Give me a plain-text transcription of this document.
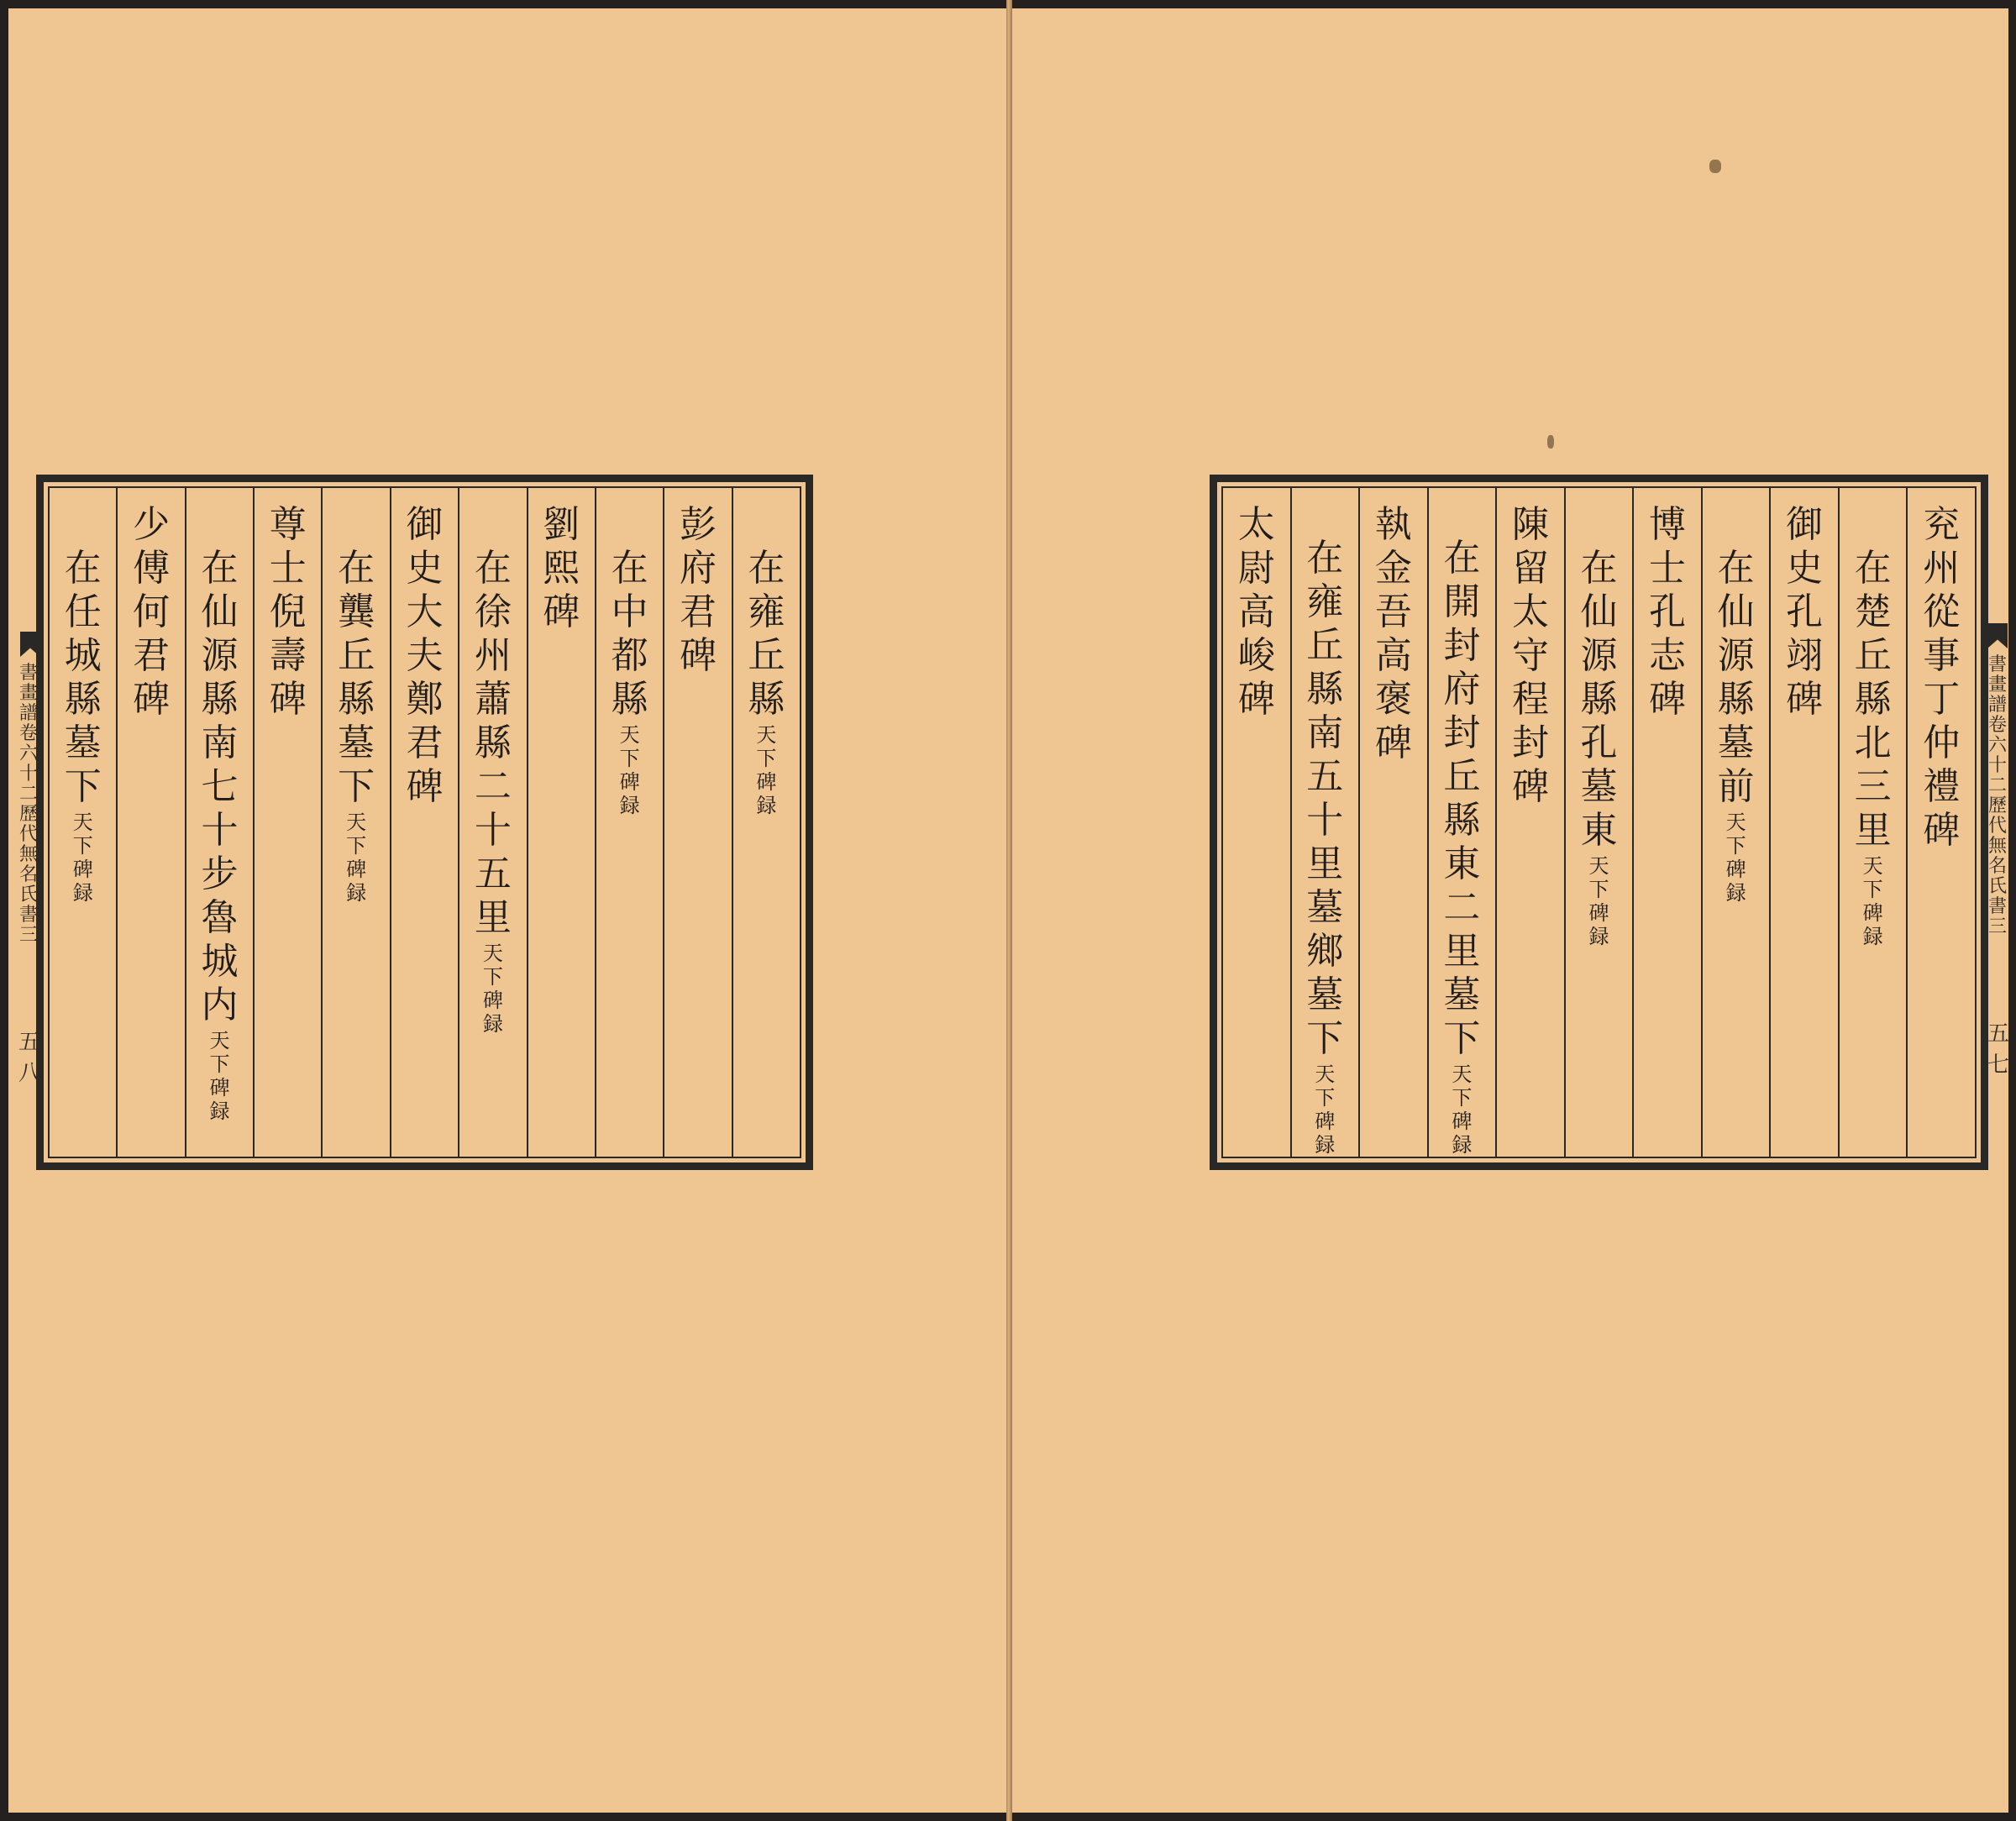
書
畫
譜
卷
六
十
二
歷
代
無
名
氏
書
三
五
八
在
雍
丘
縣
天
下
碑
録
彭
府
君
碑
在
中
都
縣
天
下
碑
録
劉
熙
碑
在
徐
州
蕭
縣
二
十
五
里
天
下
碑
録
御
史
大
夫
鄭
君
碑
在
龔
丘
縣
墓
下
天
下
碑
録
尊
士
倪
壽
碑
在
仙
源
縣
南
七
十
步
魯
城
内
天
下
碑
録
少
傅
何
君
碑
在
任
城
縣
墓
下
天
下
碑
録
兖
州
從
事
丁
仲
禮
碑
在
楚
丘
縣
北
三
里
天
下
碑
録
御
史
孔
翊
碑
在
仙
源
縣
墓
前
天
下
碑
録
博
士
孔
志
碑
在
仙
源
縣
孔
墓
東
天
下
碑
録
陳
留
太
守
程
封
碑
在
開
封
府
封
丘
縣
東
二
里
墓
下
天
下
碑
録
執
金
吾
高
褒
碑
在
雍
丘
縣
南
五
十
里
墓
鄉
墓
下
天
下
碑
録
太
尉
高
峻
碑
書
畫
譜
卷
六
十
二
歷
代
無
名
氏
書
三
五
七
